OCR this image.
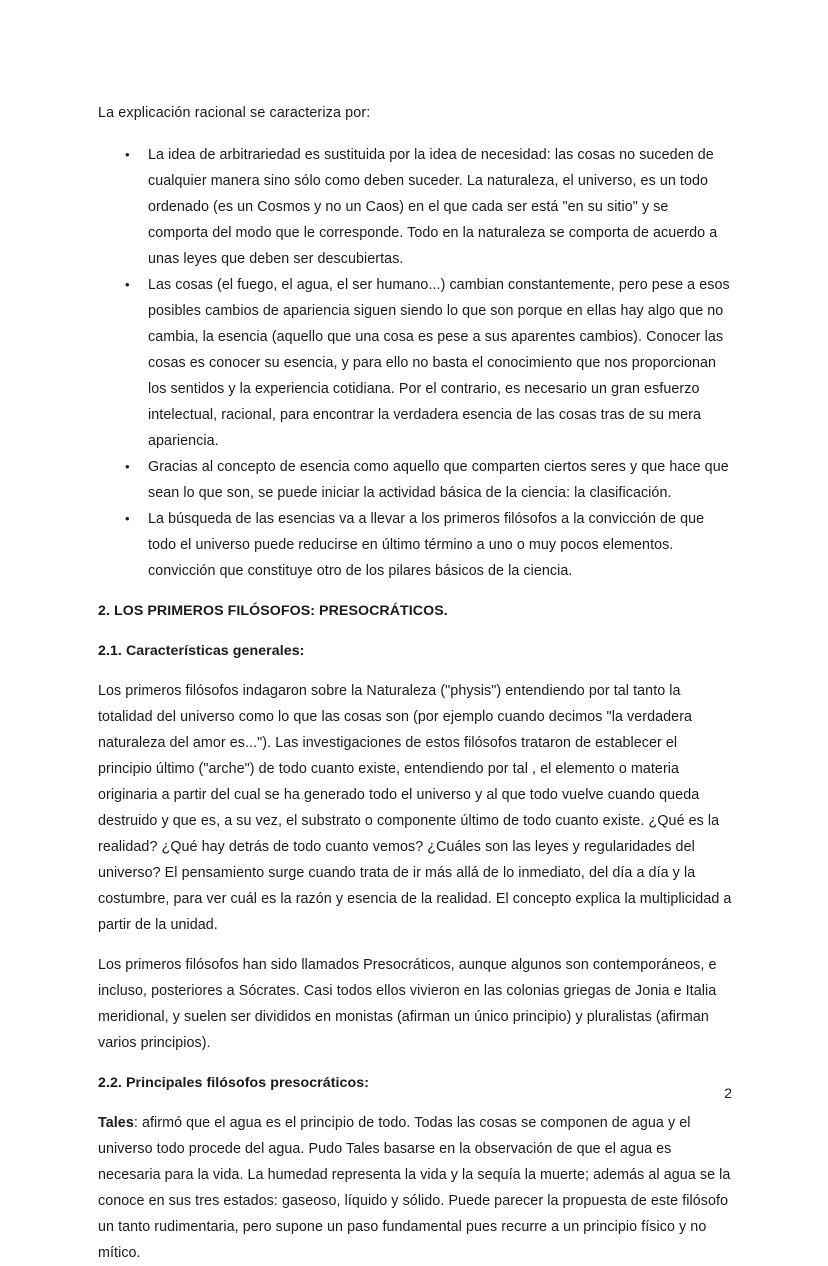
La explicación racional se caracteriza por:

• La idea de arbitrariedad es sustituida por la idea de necesidad: las cosas no suceden de cualquier manera sino sólo como deben suceder. La naturaleza, el universo, es un todo ordenado (es un Cosmos y no un Caos) en el que cada ser está "en su sitio" y se comporta del modo que le corresponde. Todo en la naturaleza se comporta de acuerdo a unas leyes que deben ser descubiertas.
• Las cosas (el fuego, el agua, el ser humano...) cambian constantemente, pero pese a esos posibles cambios de apariencia siguen siendo lo que son porque en ellas hay algo que no cambia, la esencia (aquello que una cosa es pese a sus aparentes cambios). Conocer las cosas es conocer su esencia, y para ello no basta el conocimiento que nos proporcionan los sentidos y la experiencia cotidiana. Por el contrario, es necesario un gran esfuerzo intelectual, racional, para encontrar la verdadera esencia de las cosas tras de su mera apariencia.
• Gracias al concepto de esencia como aquello que comparten ciertos seres y que hace que sean lo que son, se puede iniciar la actividad básica de la ciencia: la clasificación.
• La búsqueda de las esencias va a llevar a los primeros filósofos a la convicción de que todo el universo puede reducirse en último término a uno o muy pocos elementos. convicción que constituye otro de los pilares básicos de la ciencia.
2. LOS PRIMEROS FILÓSOFOS: PRESOCRÁTICOS.
2.1. Características generales:

Los primeros filósofos indagaron sobre la Naturaleza ("physis") entendiendo por tal tanto la totalidad del universo como lo que las cosas son (por ejemplo cuando decimos "la verdadera naturaleza del amor es..."). Las investigaciones de estos filósofos trataron de establecer el principio último ("arche") de todo cuanto existe, entendiendo por tal , el elemento o materia originaria a partir del cual se ha generado todo el universo y al que todo vuelve cuando queda destruido y que es, a su vez, el substrato o componente último de todo cuanto existe. ¿Qué es la realidad? ¿Qué hay detrás de todo cuanto vemos? ¿Cuáles son las leyes y regularidades del universo? El pensamiento surge cuando trata de ir más allá de lo inmediato, del día a día y la costumbre, para ver cuál es la razón y esencia de la realidad. El concepto explica la multiplicidad a partir de la unidad.

Los primeros filósofos han sido llamados Presocráticos, aunque algunos son contemporáneos, e incluso, posteriores a Sócrates. Casi todos ellos vivieron en las colonias griegas de Jonia e Italia meridional, y suelen ser divididos en monistas (afirman un único principio) y pluralistas (afirman varios principios).

2.2. Principales filósofos presocráticos:

Tales: afirmó que el agua es el principio de todo. Todas las cosas se componen de agua y el universo todo procede del agua. Pudo Tales basarse en la observación de que el agua es necesaria para la vida. La humedad representa la vida y la sequía la muerte; además al agua se la conoce en sus tres estados: gaseoso, líquido y sólido. Puede parecer la propuesta de este filósofo un tanto rudimentaria, pero supone un paso fundamental pues recurre a un principio físico y no mítico.

2
